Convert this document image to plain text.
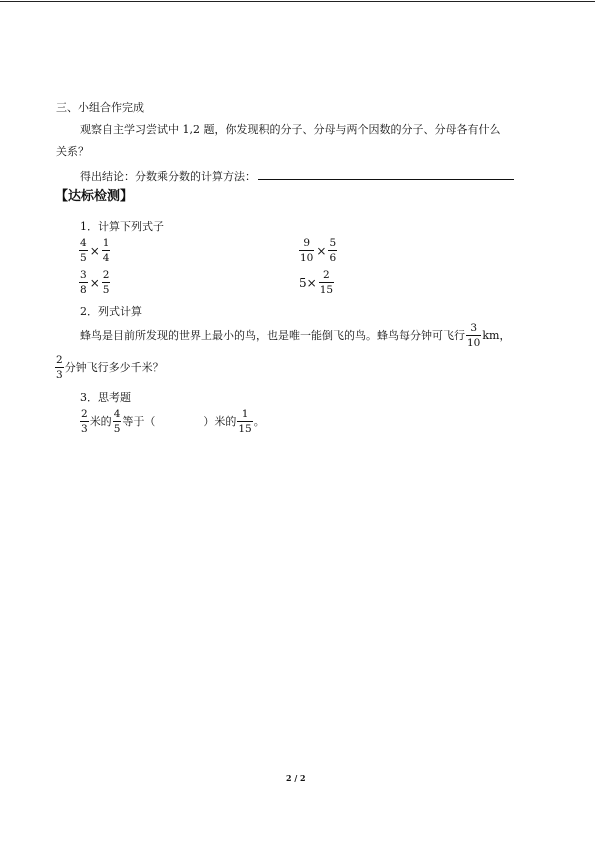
三、小组合作完成
观察自主学习尝试中 1,2 题，你发现积的分子、分母与两个因数的分子、分母各有什么
关系？
得出结论：分数乘分数的计算方法：
【达标检测】
1．计算下列式子
$\frac{4}{5} \times \frac{1}{4}$	$\frac{9}{10} \times \frac{5}{6}$
$\frac{3}{8} \times \frac{2}{5}$	$5\times \frac{2}{15}$
2．列式计算
蜂鸟是目前所发现的世界上最小的鸟，也是唯一能倒飞的鸟。蜂鸟每分钟可飞行 $\frac{3}{10}$ km，
$\frac{2}{3}$ 分钟飞行多少千米？
3．思考题
$\frac{2}{3}$ 米的 $\frac{4}{5}$ 等于（	）米的 $\frac{1}{15}$ 。
2 / 2
